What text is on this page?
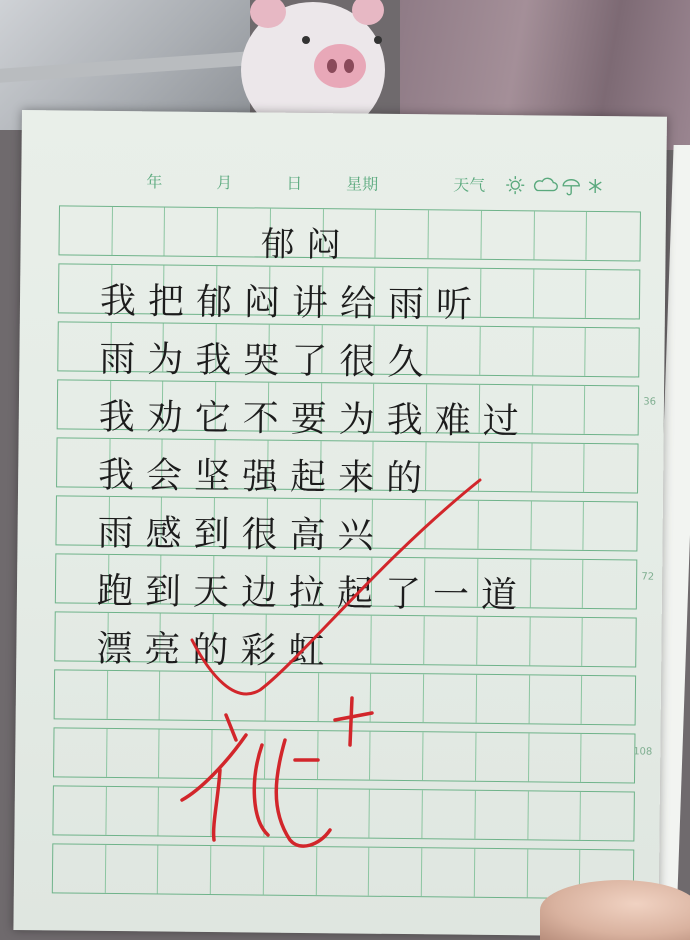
年	月	日	星期	天气
郁闷
我把郁闷讲给雨听
雨为我哭了很久
我劝它不要为我难过
我会坚强起来的
雨感到很高兴
跑到天边拉起了一道
漂亮的彩虹
36
72
108
